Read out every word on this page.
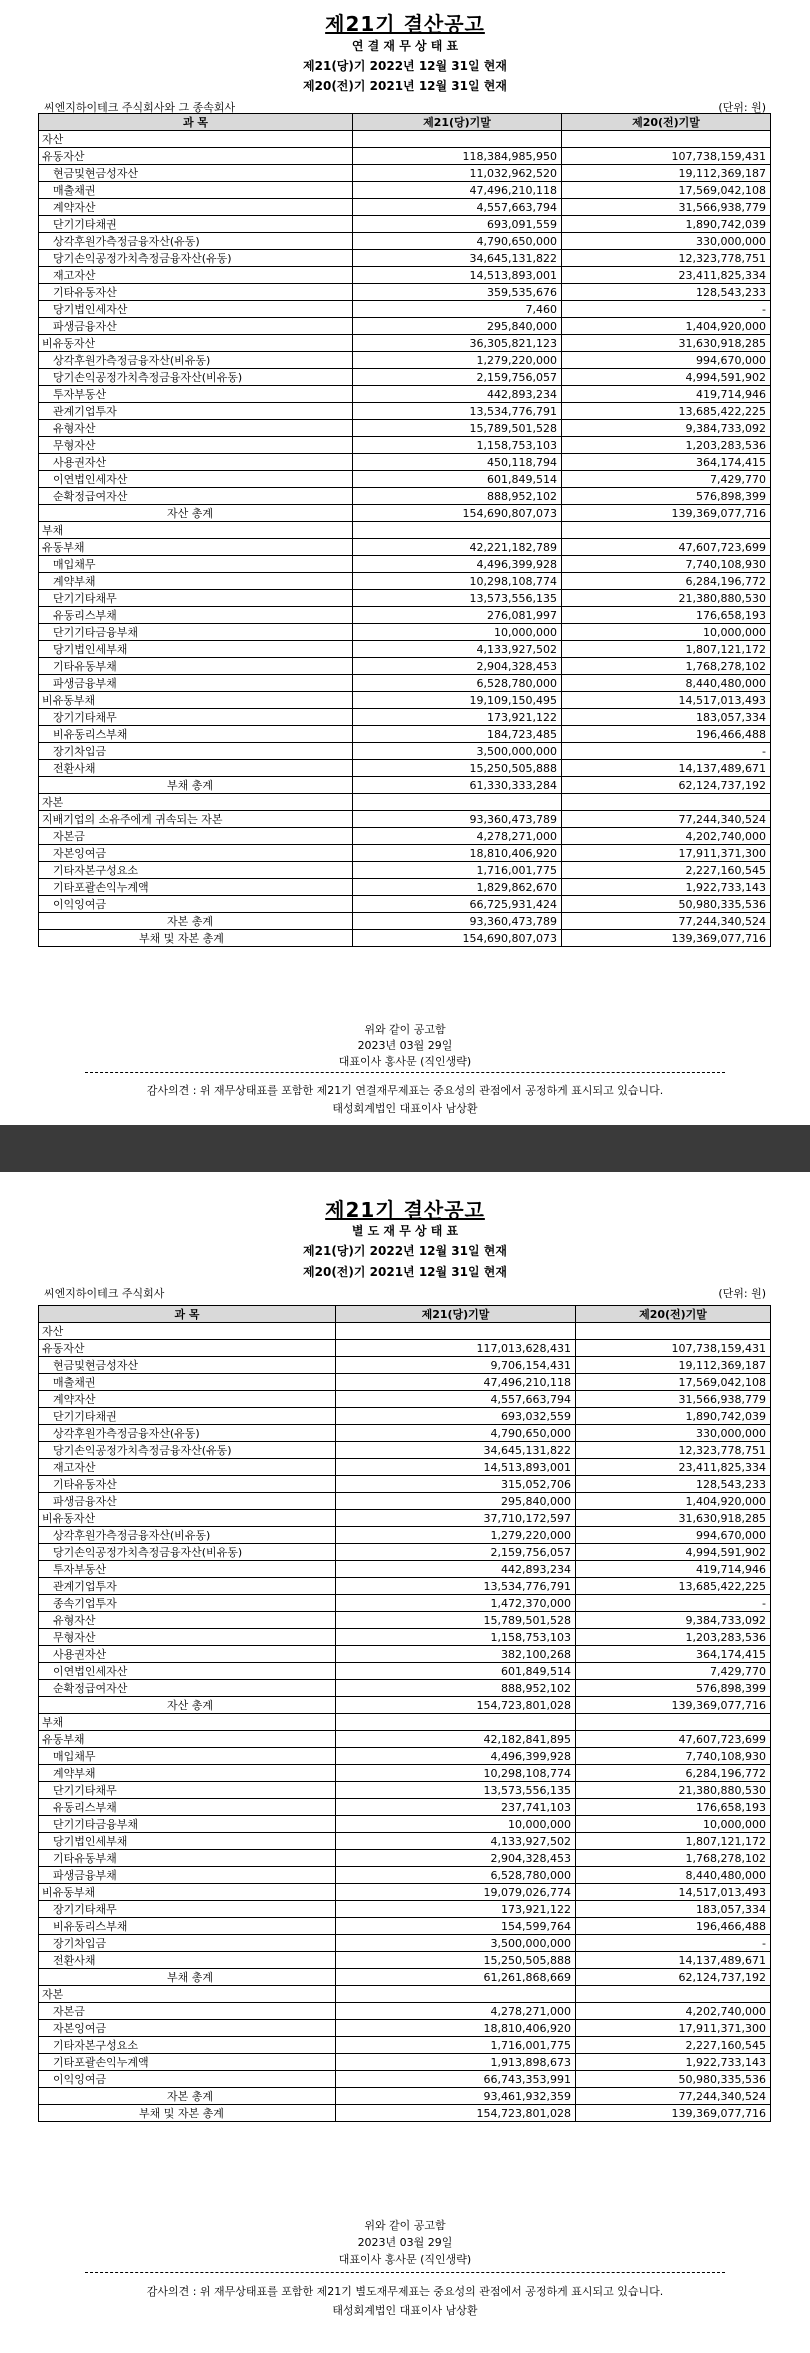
제21기 결산공고
연 결 재 무 상 태 표
제21(당)기 2022년 12월 31일 현재
제20(전)기 2021년 12월 31일 현재
씨엔지하이테크 주식회사와 그 종속회사	(단위: 원)
과 목	제21(당)기말	제20(전)기말
자산		
유동자산	118,384,985,950	107,738,159,431
현금및현금성자산	11,032,962,520	19,112,369,187
매출채권	47,496,210,118	17,569,042,108
계약자산	4,557,663,794	31,566,938,779
단기기타채권	693,091,559	1,890,742,039
상각후원가측정금융자산(유동)	4,790,650,000	330,000,000
당기손익공정가치측정금융자산(유동)	34,645,131,822	12,323,778,751
재고자산	14,513,893,001	23,411,825,334
기타유동자산	359,535,676	128,543,233
당기법인세자산	7,460	-
파생금융자산	295,840,000	1,404,920,000
비유동자산	36,305,821,123	31,630,918,285
상각후원가측정금융자산(비유동)	1,279,220,000	994,670,000
당기손익공정가치측정금융자산(비유동)	2,159,756,057	4,994,591,902
투자부동산	442,893,234	419,714,946
관계기업투자	13,534,776,791	13,685,422,225
유형자산	15,789,501,528	9,384,733,092
무형자산	1,158,753,103	1,203,283,536
사용권자산	450,118,794	364,174,415
이연법인세자산	601,849,514	7,429,770
순확정급여자산	888,952,102	576,898,399
자산 총계	154,690,807,073	139,369,077,716
부채		
유동부채	42,221,182,789	47,607,723,699
매입채무	4,496,399,928	7,740,108,930
계약부채	10,298,108,774	6,284,196,772
단기기타채무	13,573,556,135	21,380,880,530
유동리스부채	276,081,997	176,658,193
단기기타금융부채	10,000,000	10,000,000
당기법인세부채	4,133,927,502	1,807,121,172
기타유동부채	2,904,328,453	1,768,278,102
파생금융부채	6,528,780,000	8,440,480,000
비유동부채	19,109,150,495	14,517,013,493
장기기타채무	173,921,122	183,057,334
비유동리스부채	184,723,485	196,466,488
장기차입금	3,500,000,000	-
전환사채	15,250,505,888	14,137,489,671
부채 총계	61,330,333,284	62,124,737,192
자본		
지배기업의 소유주에게 귀속되는 자본	93,360,473,789	77,244,340,524
자본금	4,278,271,000	4,202,740,000
자본잉여금	18,810,406,920	17,911,371,300
기타자본구성요소	1,716,001,775	2,227,160,545
기타포괄손익누계액	1,829,862,670	1,922,733,143
이익잉여금	66,725,931,424	50,980,335,536
자본 총계	93,360,473,789	77,244,340,524
부채 및 자본 총계	154,690,807,073	139,369,077,716
위와 같이 공고함
2023년 03월 29일
대표이사 홍사문 (직인생략)
감사의견 : 위 재무상태표를 포함한 제21기 연결재무제표는 중요성의 관점에서 공정하게 표시되고 있습니다.
태성회계법인 대표이사 남상환
제21기 결산공고
별 도 재 무 상 태 표
제21(당)기 2022년 12월 31일 현재
제20(전)기 2021년 12월 31일 현재
씨엔지하이테크 주식회사	(단위: 원)
과 목	제21(당)기말	제20(전)기말
자산		
유동자산	117,013,628,431	107,738,159,431
현금및현금성자산	9,706,154,431	19,112,369,187
매출채권	47,496,210,118	17,569,042,108
계약자산	4,557,663,794	31,566,938,779
단기기타채권	693,032,559	1,890,742,039
상각후원가측정금융자산(유동)	4,790,650,000	330,000,000
당기손익공정가치측정금융자산(유동)	34,645,131,822	12,323,778,751
재고자산	14,513,893,001	23,411,825,334
기타유동자산	315,052,706	128,543,233
파생금융자산	295,840,000	1,404,920,000
비유동자산	37,710,172,597	31,630,918,285
상각후원가측정금융자산(비유동)	1,279,220,000	994,670,000
당기손익공정가치측정금융자산(비유동)	2,159,756,057	4,994,591,902
투자부동산	442,893,234	419,714,946
관계기업투자	13,534,776,791	13,685,422,225
종속기업투자	1,472,370,000	-
유형자산	15,789,501,528	9,384,733,092
무형자산	1,158,753,103	1,203,283,536
사용권자산	382,100,268	364,174,415
이연법인세자산	601,849,514	7,429,770
순확정급여자산	888,952,102	576,898,399
자산 총계	154,723,801,028	139,369,077,716
부채		
유동부채	42,182,841,895	47,607,723,699
매입채무	4,496,399,928	7,740,108,930
계약부채	10,298,108,774	6,284,196,772
단기기타채무	13,573,556,135	21,380,880,530
유동리스부채	237,741,103	176,658,193
단기기타금융부채	10,000,000	10,000,000
당기법인세부채	4,133,927,502	1,807,121,172
기타유동부채	2,904,328,453	1,768,278,102
파생금융부채	6,528,780,000	8,440,480,000
비유동부채	19,079,026,774	14,517,013,493
장기기타채무	173,921,122	183,057,334
비유동리스부채	154,599,764	196,466,488
장기차입금	3,500,000,000	-
전환사채	15,250,505,888	14,137,489,671
부채 총계	61,261,868,669	62,124,737,192
자본		
자본금	4,278,271,000	4,202,740,000
자본잉여금	18,810,406,920	17,911,371,300
기타자본구성요소	1,716,001,775	2,227,160,545
기타포괄손익누계액	1,913,898,673	1,922,733,143
이익잉여금	66,743,353,991	50,980,335,536
자본 총계	93,461,932,359	77,244,340,524
부채 및 자본 총계	154,723,801,028	139,369,077,716
위와 같이 공고함
2023년 03월 29일
대표이사 홍사문 (직인생략)
감사의견 : 위 재무상태표를 포함한 제21기 별도재무제표는 중요성의 관점에서 공정하게 표시되고 있습니다.
태성회계법인 대표이사 남상환
